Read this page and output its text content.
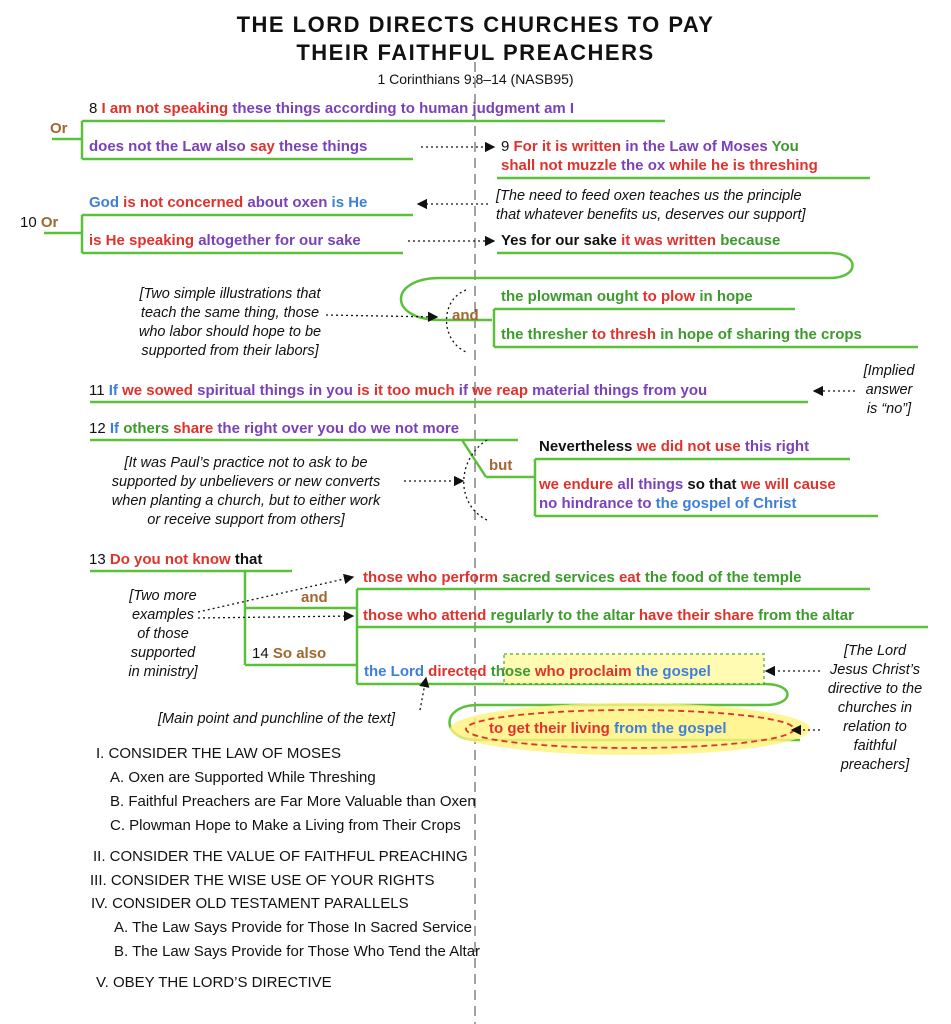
THE LORD DIRECTS CHURCHES TO PAY
THEIR FAITHFUL PREACHERS
1 Corinthians 9:8–14 (NASB95)
8 I am not speaking these things according to human judgment am I
Or
does not the Law also say these things	9 For it is written in the Law of Moses You
shall not muzzle the ox while he is threshing
God is not concerned about oxen is He	[The need to feed oxen teaches us the principle
that whatever benefits us, deserves our support]
10 Or
is He speaking altogether for our sake	Yes for our sake it was written because
[Two simple illustrations that
teach the same thing, those
who labor should hope to be
supported from their labors]
and
the plowman ought to plow in hope
the thresher to thresh in hope of sharing the crops
11 If we sowed spiritual things in you is it too much if we reap material things from you
[Implied
answer
is “no”]
12 If others share the right over you do we not more
[It was Paul’s practice not to ask to be
supported by unbelievers or new converts
when planting a church, but to either work
or receive support from others]
but
Nevertheless we did not use this right
we endure all things so that we will cause
no hindrance to the gospel of Christ
13 Do you not know that
[Two more
examples
of those
supported
in ministry]
and
those who perform sacred services eat the food of the temple
those who attend regularly to the altar have their share from the altar
14 So also
the Lord directed those who proclaim the gospel
to get their living from the gospel
[The Lord
Jesus Christ’s
directive to the
churches in
relation to
faithful
preachers]
[Main point and punchline of the text]
I. CONSIDER THE LAW OF MOSES
A. Oxen are Supported While Threshing
B. Faithful Preachers are Far More Valuable than Oxen
C. Plowman Hope to Make a Living from Their Crops
II. CONSIDER THE VALUE OF FAITHFUL PREACHING
III. CONSIDER THE WISE USE OF YOUR RIGHTS
IV. CONSIDER OLD TESTAMENT PARALLELS
A. The Law Says Provide for Those In Sacred Service
B. The Law Says Provide for Those Who Tend the Altar
V. OBEY THE LORD’S DIRECTIVE
